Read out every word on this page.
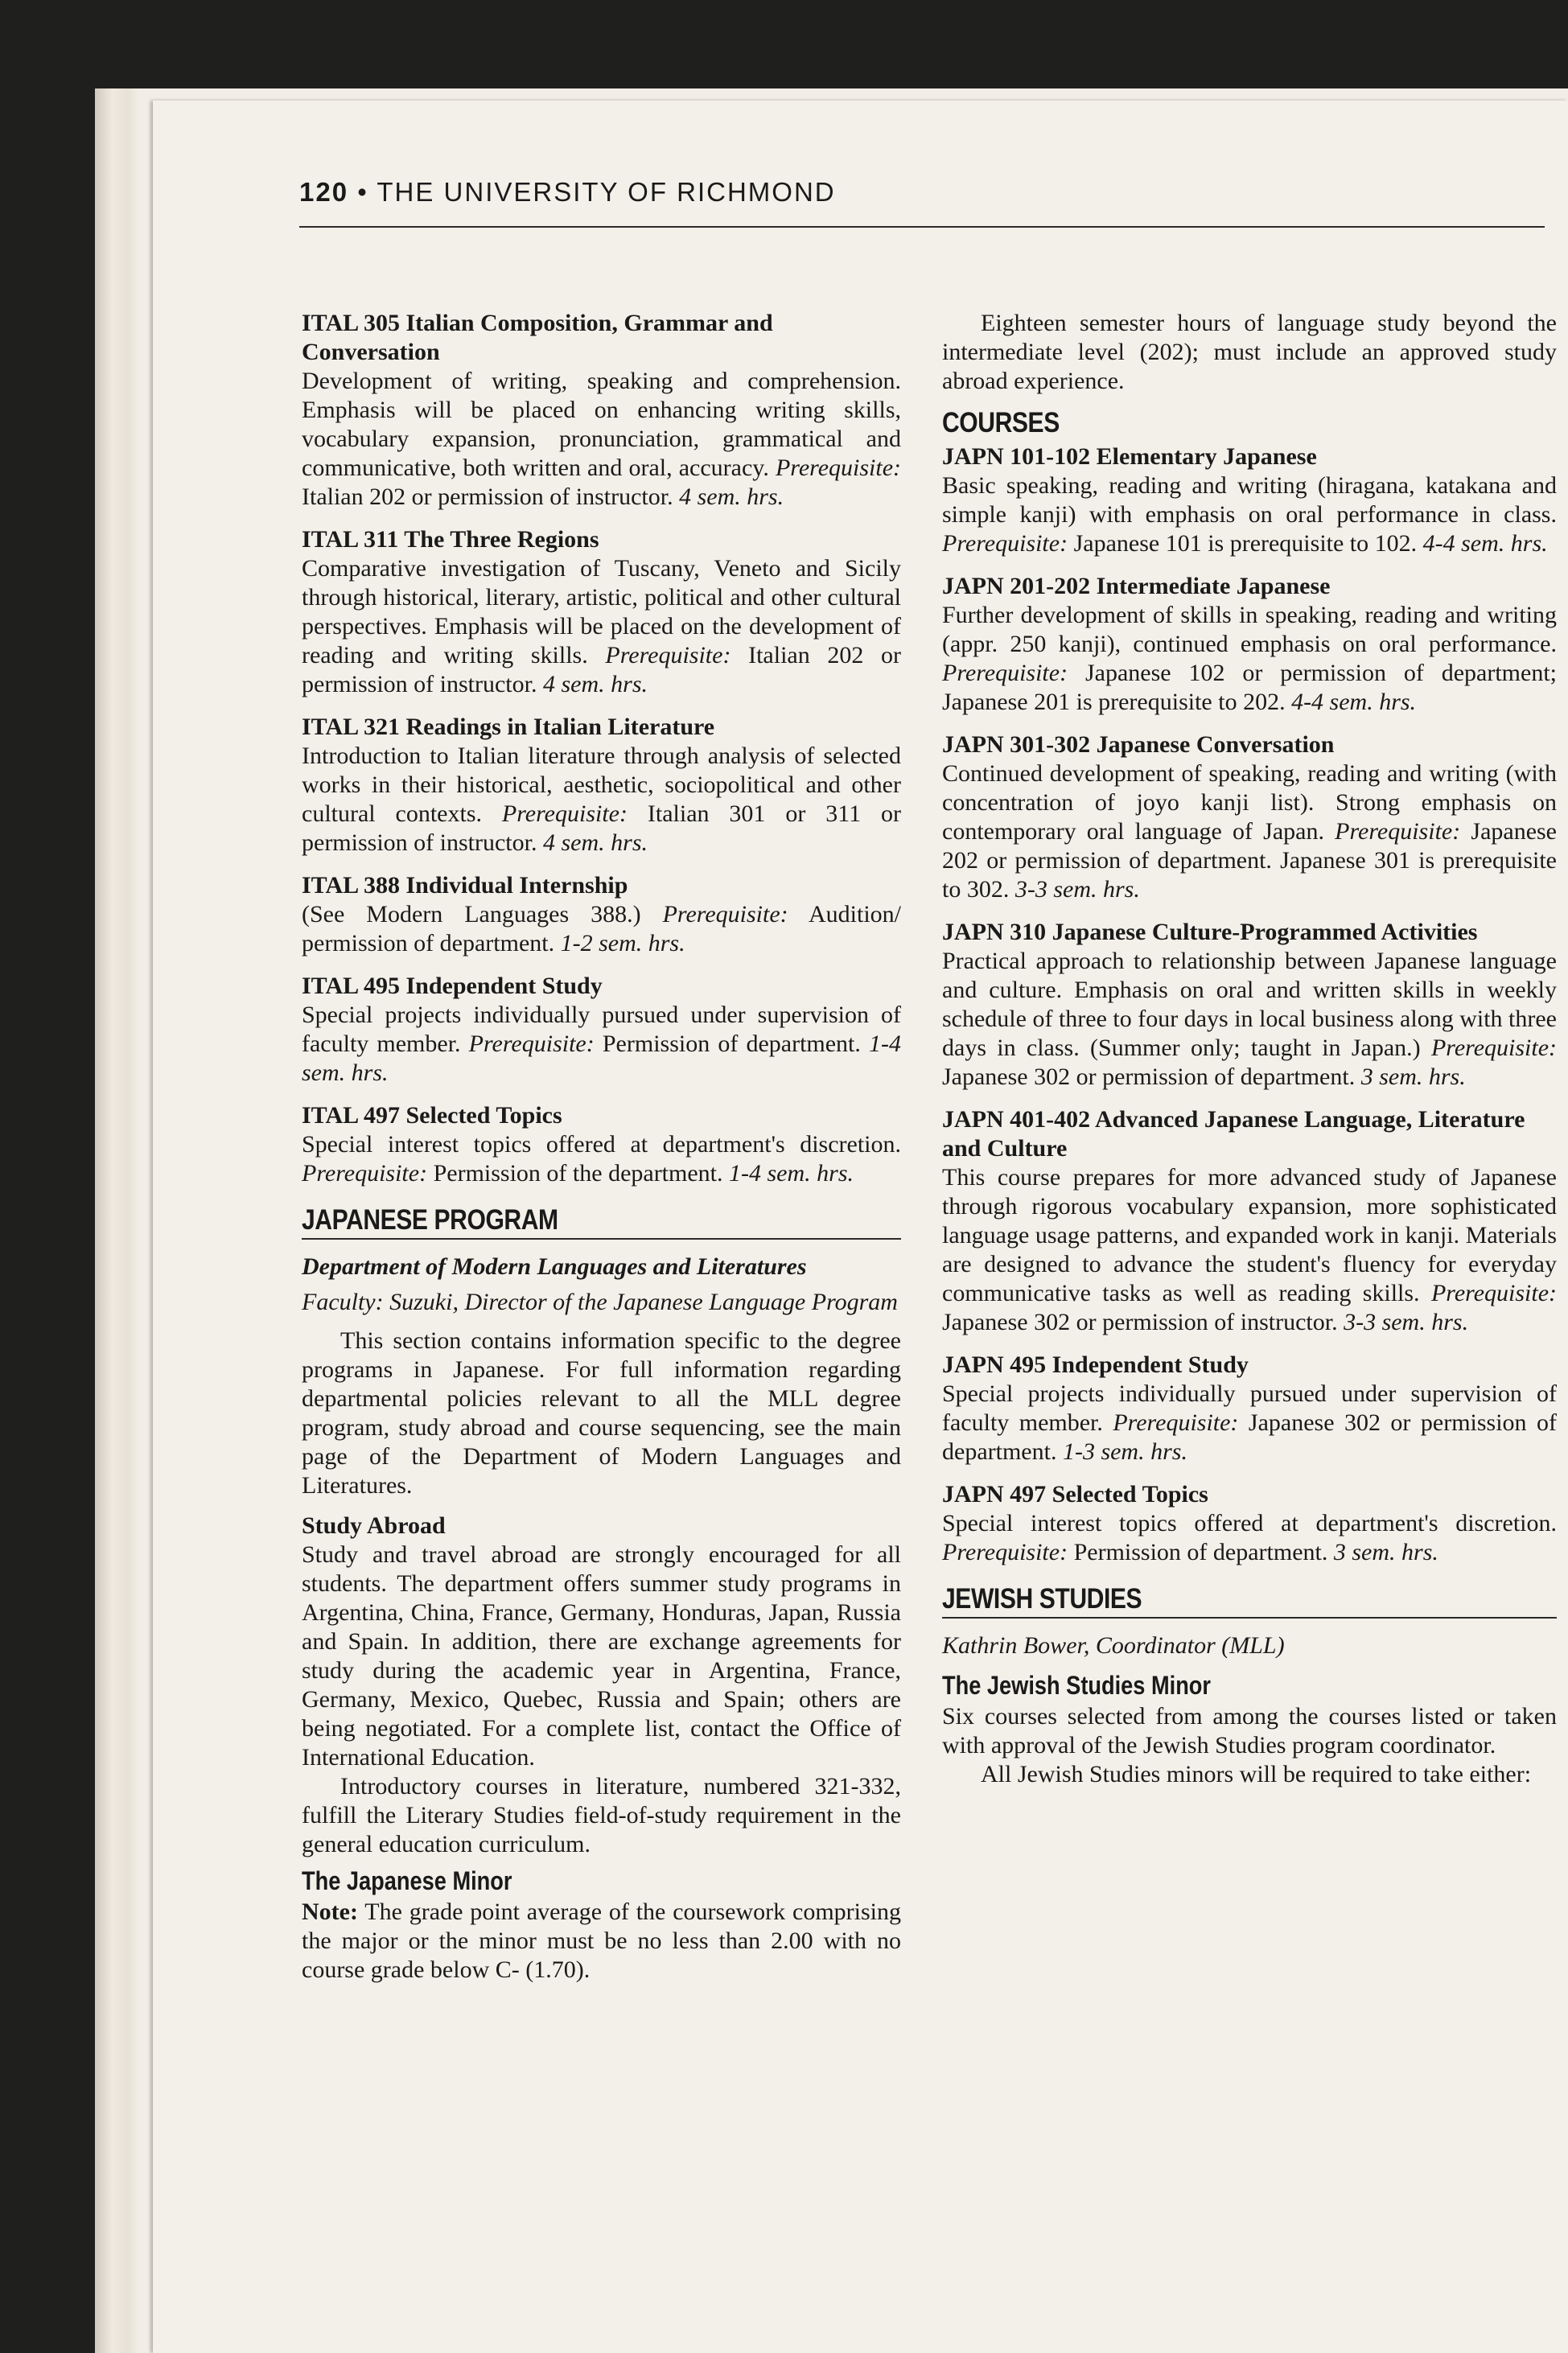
120 • THE UNIVERSITY OF RICHMOND

ITAL 305 Italian Composition, Grammar and Conversation

Development of writing, speaking and comprehension. Emphasis will be placed on enhancing writing skills, vocabulary expansion, pronunciation, grammatical and communicative, both written and oral, accuracy. Prerequisite: Italian 202 or permission of instructor. 4 sem. hrs.

ITAL 311 The Three Regions

Comparative investigation of Tuscany, Veneto and Sicily through historical, literary, artistic, political and other cultural perspectives. Emphasis will be placed on the development of reading and writing skills. Prerequisite: Italian 202 or permission of instructor. 4 sem. hrs.

ITAL 321 Readings in Italian Literature

Introduction to Italian literature through analysis of selected works in their historical, aesthetic, sociopolitical and other cultural contexts. Prerequisite: Italian 301 or 311 or permission of instructor. 4 sem. hrs.

ITAL 388 Individual Internship

(See Modern Languages 388.) Prerequisite: Audition/ permission of department. 1-2 sem. hrs.

ITAL 495 Independent Study

Special projects individually pursued under supervision of faculty member. Prerequisite: Permission of department. 1-4 sem. hrs.

ITAL 497 Selected Topics

Special interest topics offered at department's discretion. Prerequisite: Permission of the department. 1-4 sem. hrs.

JAPANESE PROGRAM

Department of Modern Languages and Literatures

Faculty: Suzuki, Director of the Japanese Language Program

This section contains information specific to the degree programs in Japanese. For full information regarding departmental policies relevant to all the MLL degree program, study abroad and course sequencing, see the main page of the Department of Modern Languages and Literatures.

Study Abroad

Study and travel abroad are strongly encouraged for all students. The department offers summer study programs in Argentina, China, France, Germany, Honduras, Japan, Russia and Spain. In addition, there are exchange agreements for study during the academic year in Argentina, France, Germany, Mexico, Quebec, Russia and Spain; others are being negotiated. For a complete list, contact the Office of International Education.

Introductory courses in literature, numbered 321-332, fulfill the Literary Studies field-of-study requirement in the general education curriculum.

The Japanese Minor

Note: The grade point average of the coursework comprising the major or the minor must be no less than 2.00 with no course grade below C- (1.70).

Eighteen semester hours of language study beyond the intermediate level (202); must include an approved study abroad experience.

COURSES

JAPN 101-102 Elementary Japanese

Basic speaking, reading and writing (hiragana, katakana and simple kanji) with emphasis on oral performance in class. Prerequisite: Japanese 101 is prerequisite to 102. 4-4 sem. hrs.

JAPN 201-202 Intermediate Japanese

Further development of skills in speaking, reading and writing (appr. 250 kanji), continued emphasis on oral performance. Prerequisite: Japanese 102 or permission of department; Japanese 201 is prerequisite to 202. 4-4 sem. hrs.

JAPN 301-302 Japanese Conversation

Continued development of speaking, reading and writing (with concentration of joyo kanji list). Strong emphasis on contemporary oral language of Japan. Prerequisite: Japanese 202 or permission of department. Japanese 301 is prerequisite to 302. 3-3 sem. hrs.

JAPN 310 Japanese Culture-Programmed Activities

Practical approach to relationship between Japanese language and culture. Emphasis on oral and written skills in weekly schedule of three to four days in local business along with three days in class. (Summer only; taught in Japan.) Prerequisite: Japanese 302 or permission of department. 3 sem. hrs.

JAPN 401-402 Advanced Japanese Language, Literature and Culture

This course prepares for more advanced study of Japanese through rigorous vocabulary expansion, more sophisticated language usage patterns, and expanded work in kanji. Materials are designed to advance the student's fluency for everyday communicative tasks as well as reading skills. Prerequisite: Japanese 302 or permission of instructor. 3-3 sem. hrs.

JAPN 495 Independent Study

Special projects individually pursued under supervision of faculty member. Prerequisite: Japanese 302 or permission of department. 1-3 sem. hrs.

JAPN 497 Selected Topics

Special interest topics offered at department's discretion. Prerequisite: Permission of department. 3 sem. hrs.

JEWISH STUDIES

Kathrin Bower, Coordinator (MLL)

The Jewish Studies Minor

Six courses selected from among the courses listed or taken with approval of the Jewish Studies program coordinator.

All Jewish Studies minors will be required to take either:
